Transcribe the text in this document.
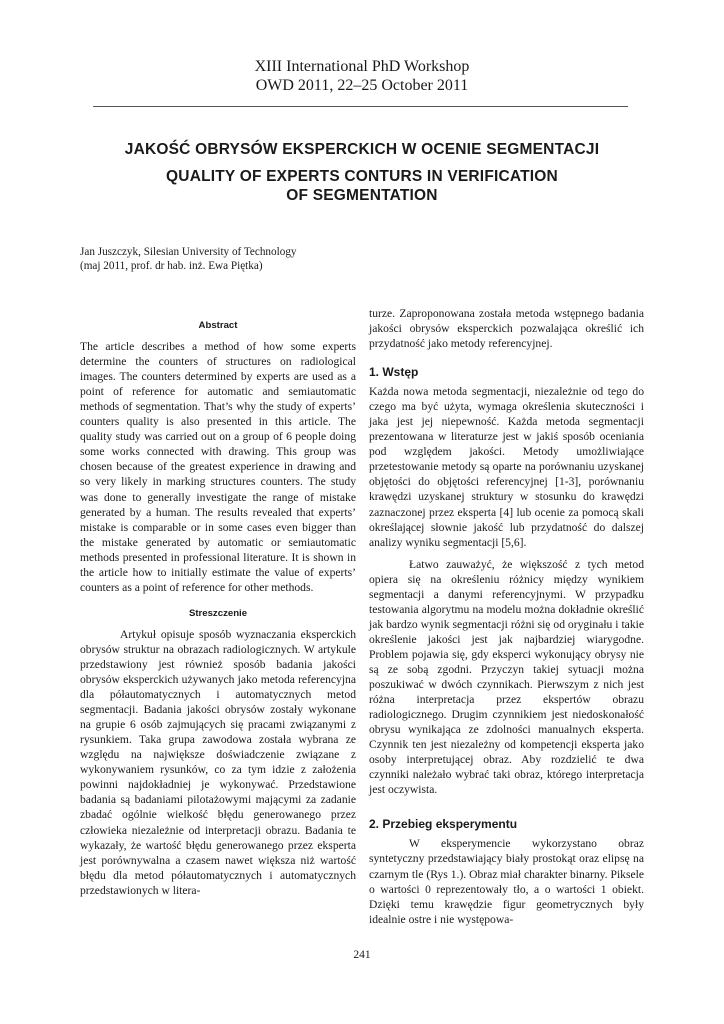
XIII International PhD Workshop
OWD 2011, 22–25 October 2011
JAKOŚĆ OBRYSÓW EKSPERCKICH W OCENIE SEGMENTACJI
QUALITY OF EXPERTS CONTURS IN VERIFICATION
OF SEGMENTATION
Jan Juszczyk, Silesian University of Technology
(maj 2011, prof. dr hab. inż. Ewa Piętka)
Abstract

The article describes a method of how some experts determine the counters of structures on radiological images. The counters determined by experts are used as a point of reference for automatic and semiautomatic methods of segmentation. That’s why the study of experts’ counters quality is also presented in this article. The quality study was carried out on a group of 6 people doing some works connected with drawing. This group was chosen because of the greatest experience in drawing and so very likely in marking structures counters. The study was done to generally investigate the range of mistake generated by a human. The results revealed that experts’ mistake is comparable or in some cases even bigger than the mistake generated by automatic or semiautomatic methods presented in professional literature. It is shown in the article how to initially estimate the value of experts’ counters as a point of reference for other methods.

Streszczenie

Artykuł opisuje sposób wyznaczania eksperckich obrysów struktur na obrazach radiologicznych. W artykule przedstawiony jest również sposób badania jakości obrysów eksperckich używanych jako metoda referencyjna dla półautomatycznych i automatycznych metod segmentacji. Badania jakości obrysów zostały wykonane na grupie 6 osób zajmujących się pracami związanymi z rysunkiem. Taka grupa zawodowa została wybrana ze względu na największe doświadczenie związane z wykonywaniem rysunków, co za tym idzie z założenia powinni najdokładniej je wykonywać. Przedstawione badania są badaniami pilotażowymi mającymi za zadanie zbadać ogólnie wielkość błędu generowanego przez człowieka niezależnie od interpretacji obrazu. Badania te wykazały, że wartość błędu generowanego przez eksperta jest porównywalna a czasem nawet większa niż wartość błędu dla metod półautomatycznych i automatycznych przedstawionych w litera-

turze. Zaproponowana została metoda wstępnego badania jakości obrysów eksperckich pozwalająca określić ich przydatność jako metody referencyjnej.

1. Wstęp

Każda nowa metoda segmentacji, niezależnie od tego do czego ma być użyta, wymaga określenia skuteczności i jaka jest jej niepewność. Każda metoda segmentacji prezentowana w literaturze jest w jakiś sposób oceniania pod względem jakości. Metody umożliwiające przetestowanie metody są oparte na porównaniu uzyskanej objętości do objętości referencyjnej [1-3], porównaniu krawędzi uzyskanej struktury w stosunku do krawędzi zaznaczonej przez eksperta [4] lub ocenie za pomocą skali określającej słownie jakość lub przydatność do dalszej analizy wyniku segmentacji [5,6].

Łatwo zauważyć, że większość z tych metod opiera się na określeniu różnicy między wynikiem segmentacji a danymi referencyjnymi. W przypadku testowania algorytmu na modelu można dokładnie określić jak bardzo wynik segmentacji różni się od oryginału i takie określenie jakości jest jak najbardziej wiarygodne. Problem pojawia się, gdy eksperci wykonujący obrysy nie są ze sobą zgodni. Przyczyn takiej sytuacji można poszukiwać w dwóch czynnikach. Pierwszym z nich jest różna interpretacja przez ekspertów obrazu radiologicznego. Drugim czynnikiem jest niedoskonałość obrysu wynikająca ze zdolności manualnych eksperta. Czynnik ten jest niezależny od kompetencji eksperta jako osoby interpretującej obraz. Aby rozdzielić te dwa czynniki należało wybrać taki obraz, którego interpretacja jest oczywista.

2. Przebieg eksperymentu

W eksperymencie wykorzystano obraz syntetyczny przedstawiający biały prostokąt oraz elipsę na czarnym tle (Rys 1.). Obraz miał charakter binarny. Piksele o wartości 0 reprezentowały tło, a o wartości 1 obiekt. Dzięki temu krawędzie figur geometrycznych były idealnie ostre i nie występowa-

241
